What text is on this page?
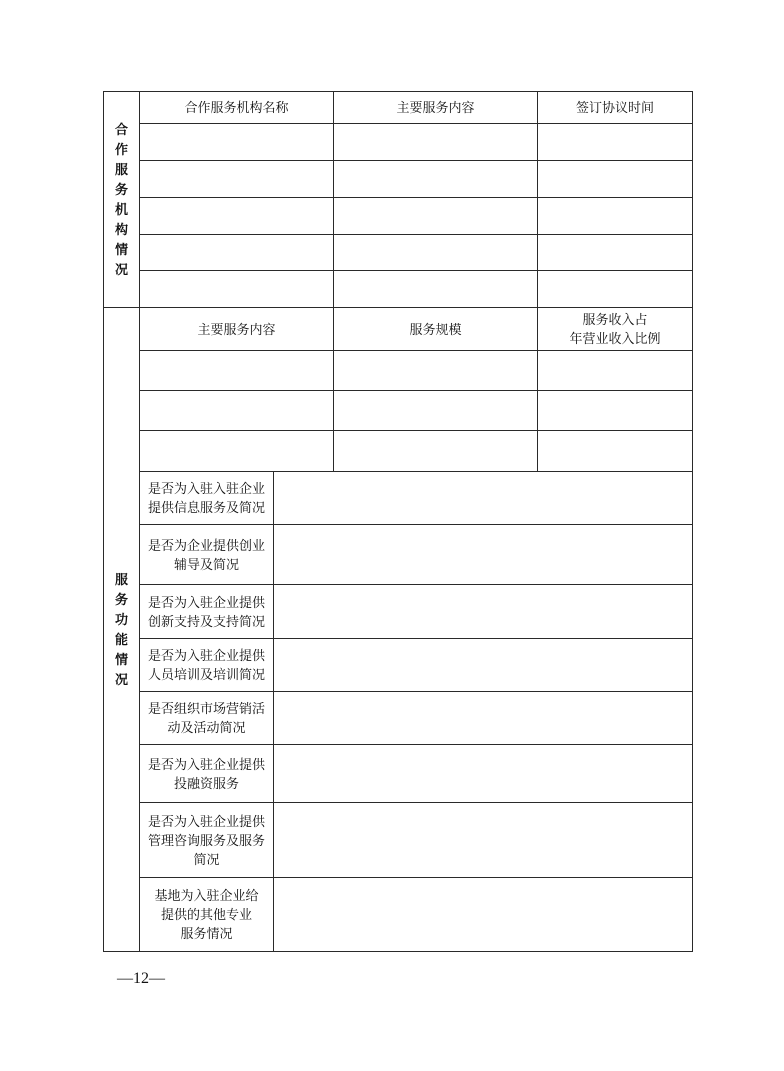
合作服务机构情况	合作服务机构名称		主要服务内容	签订协议时间

服务功能情况	主要服务内容		服务规模	服务收入占
年营业收入比例

	是否为入驻入驻企业
提供信息服务及简况			

	是否为企业提供创业
辅导及简况			

	是否为入驻企业提供
创新支持及支持简况			

	是否为入驻企业提供
人员培训及培训简况			

	是否组织市场营销活
动及活动简况			

	是否为入驻企业提供
投融资服务			

	是否为入驻企业提供
管理咨询服务及服务
简况			

	基地为入驻企业给
提供的其他专业
服务情况			

—12—
